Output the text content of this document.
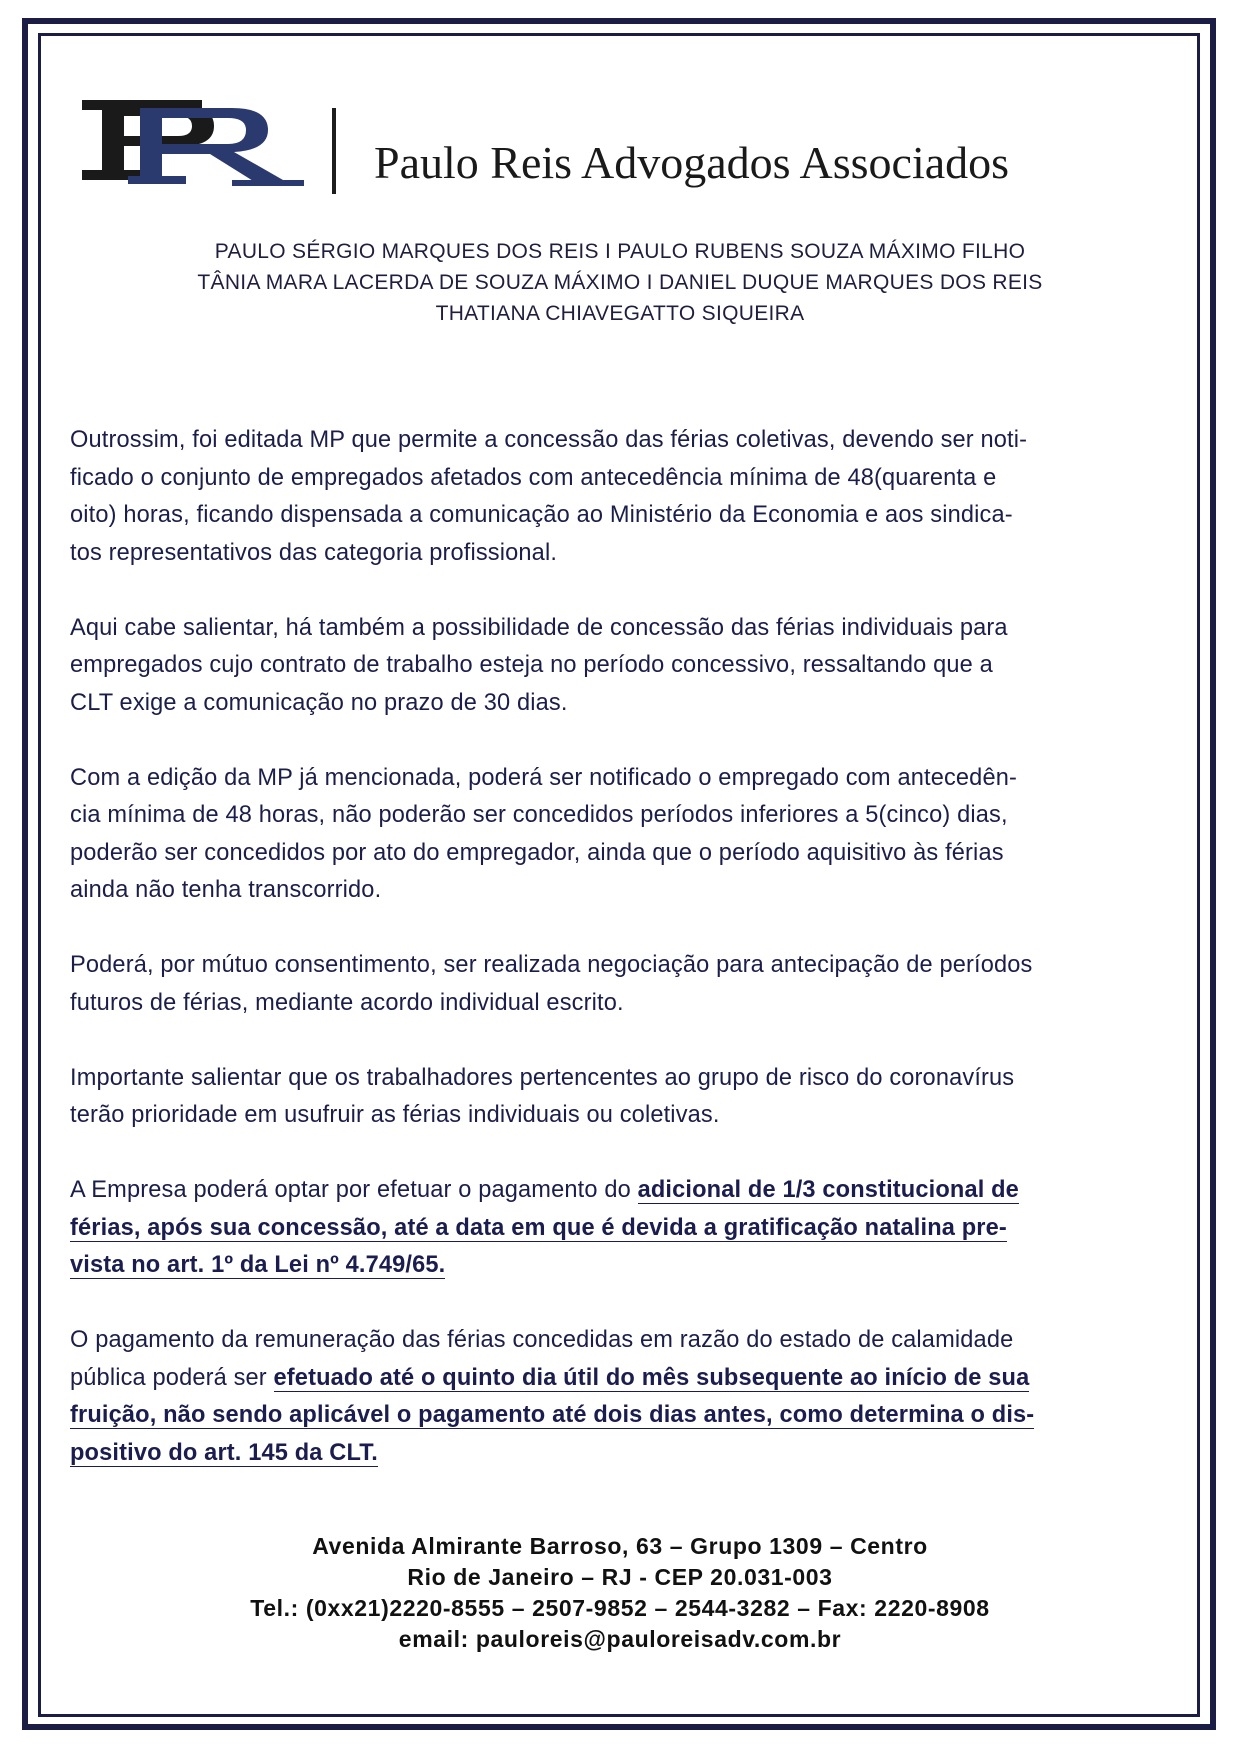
Paulo Reis Advogados Associados
PAULO SÉRGIO MARQUES DOS REIS I PAULO RUBENS SOUZA MÁXIMO FILHO
TÂNIA MARA LACERDA DE SOUZA MÁXIMO I DANIEL DUQUE MARQUES DOS REIS
THATIANA CHIAVEGATTO SIQUEIRA

Outrossim, foi editada MP que permite a concessão das férias coletivas, devendo ser noti-
ficado o conjunto de empregados afetados com antecedência mínima de 48(quarenta e
oito) horas, ficando dispensada a comunicação ao Ministério da Economia e aos sindica-
tos representativos das categoria profissional.

Aqui cabe salientar, há também a possibilidade de concessão das férias individuais para
empregados cujo contrato de trabalho esteja no período concessivo, ressaltando que a
CLT exige a comunicação no prazo de 30 dias.

Com a edição da MP já mencionada, poderá ser notificado o empregado com antecedên-
cia mínima de 48 horas, não poderão ser concedidos períodos inferiores a 5(cinco) dias,
poderão ser concedidos por ato do empregador, ainda que o período aquisitivo às férias
ainda não tenha transcorrido.

Poderá, por mútuo consentimento, ser realizada negociação para antecipação de períodos
futuros de férias, mediante acordo individual escrito.

Importante salientar que os trabalhadores pertencentes ao grupo de risco do coronavírus
terão prioridade em usufruir as férias individuais ou coletivas.

A Empresa poderá optar por efetuar o pagamento do adicional de 1/3 constitucional de
férias, após sua concessão, até a data em que é devida a gratificação natalina pre-
vista no art. 1º da Lei nº 4.749/65.

O pagamento da remuneração das férias concedidas em razão do estado de calamidade
pública poderá ser efetuado até o quinto dia útil do mês subsequente ao início de sua
fruição, não sendo aplicável o pagamento até dois dias antes, como determina o dis-
positivo do art. 145 da CLT.

Avenida Almirante Barroso, 63 – Grupo 1309 – Centro
Rio de Janeiro – RJ - CEP 20.031-003
Tel.: (0xx21)2220-8555 – 2507-9852 – 2544-3282 – Fax: 2220-8908
email: pauloreis@pauloreisadv.com.br
